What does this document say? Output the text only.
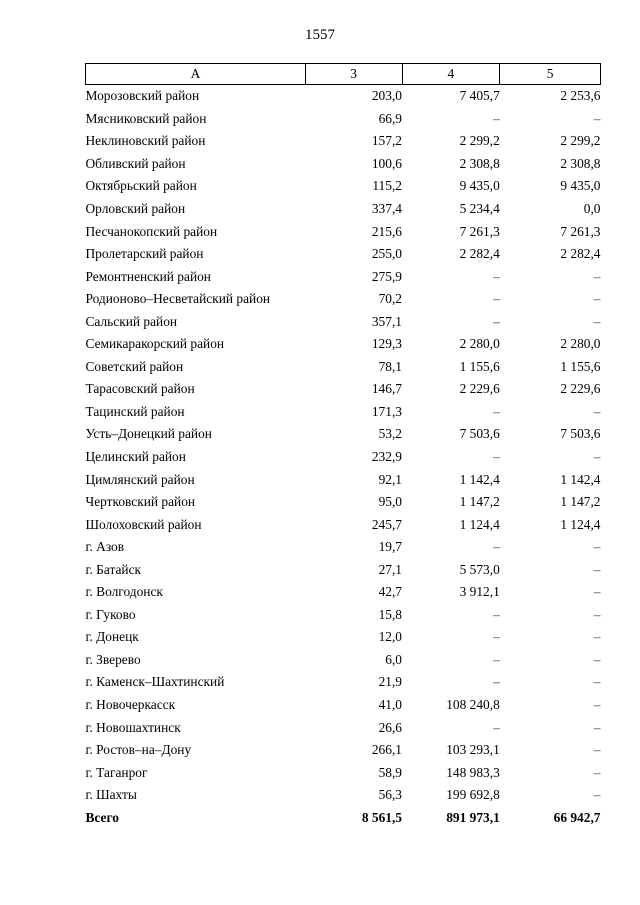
1557
А	3	4	5
Морозовский район	203,0	7 405,7	2 253,6
Мясниковский район	66,9	–	–
Неклиновский район	157,2	2 299,2	2 299,2
Обливский район	100,6	2 308,8	2 308,8
Октябрьский район	115,2	9 435,0	9 435,0
Орловский район	337,4	5 234,4	0,0
Песчанокопский район	215,6	7 261,3	7 261,3
Пролетарский район	255,0	2 282,4	2 282,4
Ремонтненский район	275,9	–	–
Родионово–Несветайский район	70,2	–	–
Сальский район	357,1	–	–
Семикаракорский район	129,3	2 280,0	2 280,0
Советский район	78,1	1 155,6	1 155,6
Тарасовский район	146,7	2 229,6	2 229,6
Тацинский район	171,3	–	–
Усть–Донецкий район	53,2	7 503,6	7 503,6
Целинский район	232,9	–	–
Цимлянский район	92,1	1 142,4	1 142,4
Чертковский район	95,0	1 147,2	1 147,2
Шолоховский район	245,7	1 124,4	1 124,4
г. Азов	19,7	–	–
г. Батайск	27,1	5 573,0	–
г. Волгодонск	42,7	3 912,1	–
г. Гуково	15,8	–	–
г. Донецк	12,0	–	–
г. Зверево	6,0	–	–
г. Каменск–Шахтинский	21,9	–	–
г. Новочеркасск	41,0	108 240,8	–
г. Новошахтинск	26,6	–	–
г. Ростов–на–Дону	266,1	103 293,1	–
г. Таганрог	58,9	148 983,3	–
г. Шахты	56,3	199 692,8	–
Всего	8 561,5	891 973,1	66 942,7
